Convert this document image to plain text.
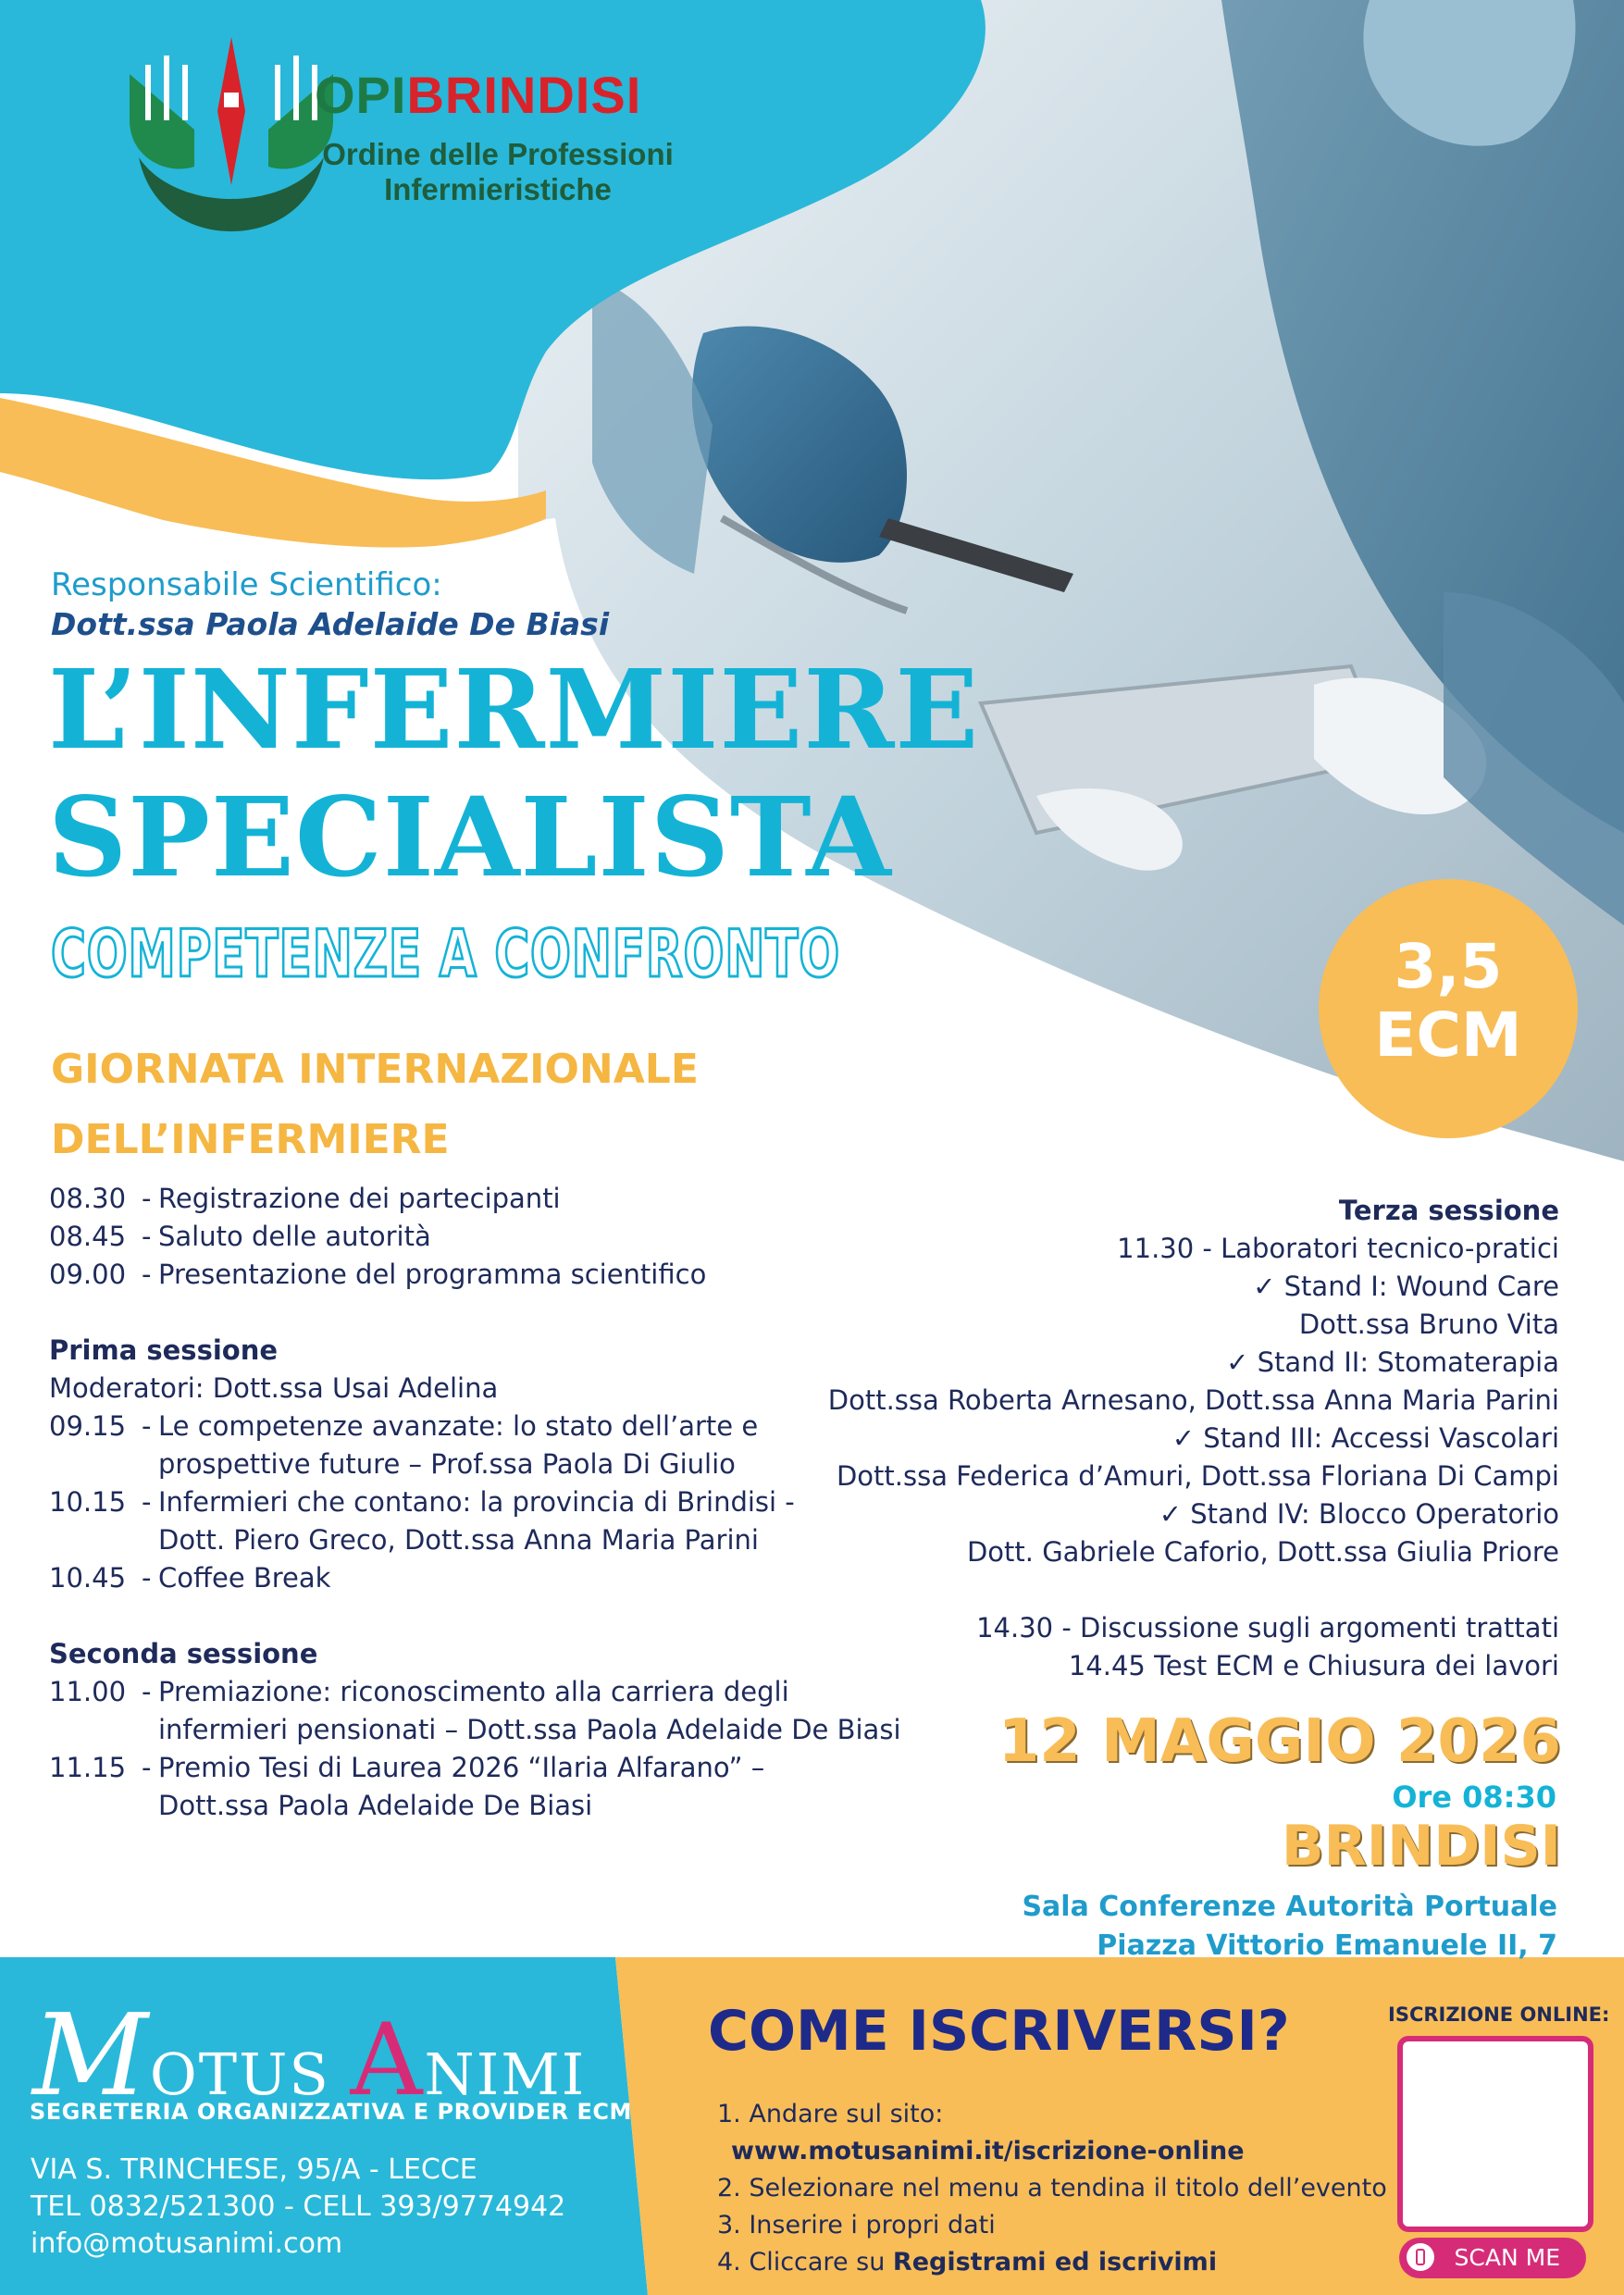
OPIBRINDISI
Ordine delle Professioni Infermieristiche
Responsabile Scientifico:
Dott.ssa Paola Adelaide De Biasi
L’INFERMIERE
SPECIALISTA
COMPETENZE A CONFRONTO
GIORNATA INTERNAZIONALE
DELL’INFERMIERE
3,5
ECM
08.30 - Registrazione dei partecipanti
08.45 - Saluto delle autorità
09.00 - Presentazione del programma scientifico
Prima sessione
Moderatori: Dott.ssa Usai Adelina
09.15 - Le competenze avanzate: lo stato dell’arte e
prospettive future – Prof.ssa Paola Di Giulio
10.15 - Infermieri che contano: la provincia di Brindisi -
Dott. Piero Greco, Dott.ssa Anna Maria Parini
10.45 - Coffee Break
Seconda sessione
11.00 - Premiazione: riconoscimento alla carriera degli
infermieri pensionati – Dott.ssa Paola Adelaide De Biasi
11.15 - Premio Tesi di Laurea 2026 “Ilaria Alfarano” –
Dott.ssa Paola Adelaide De Biasi
Terza sessione
11.30 - Laboratori tecnico-pratici
✓ Stand I: Wound Care
Dott.ssa Bruno Vita
✓ Stand II: Stomaterapia
Dott.ssa Roberta Arnesano, Dott.ssa Anna Maria Parini
✓ Stand III: Accessi Vascolari
Dott.ssa Federica d’Amuri, Dott.ssa Floriana Di Campi
✓ Stand IV: Blocco Operatorio
Dott. Gabriele Caforio, Dott.ssa Giulia Priore
14.30 - Discussione sugli argomenti trattati
14.45 Test ECM e Chiusura dei lavori
12 MAGGIO 2026
Ore 08:30
BRINDISI
Sala Conferenze Autorità Portuale
Piazza Vittorio Emanuele II, 7
MOTUS ANIMI
SEGRETERIA ORGANIZZATIVA E PROVIDER ECM
VIA S. TRINCHESE, 95/A - LECCE
TEL 0832/521300 - CELL 393/9774942
info@motusanimi.com
COME ISCRIVERSI?
1. Andare sul sito:
www.motusanimi.it/iscrizione-online
2. Selezionare nel menu a tendina il titolo dell’evento
3. Inserire i propri dati
4. Cliccare su Registrami ed iscrivimi
ISCRIZIONE ONLINE:
SCAN ME
